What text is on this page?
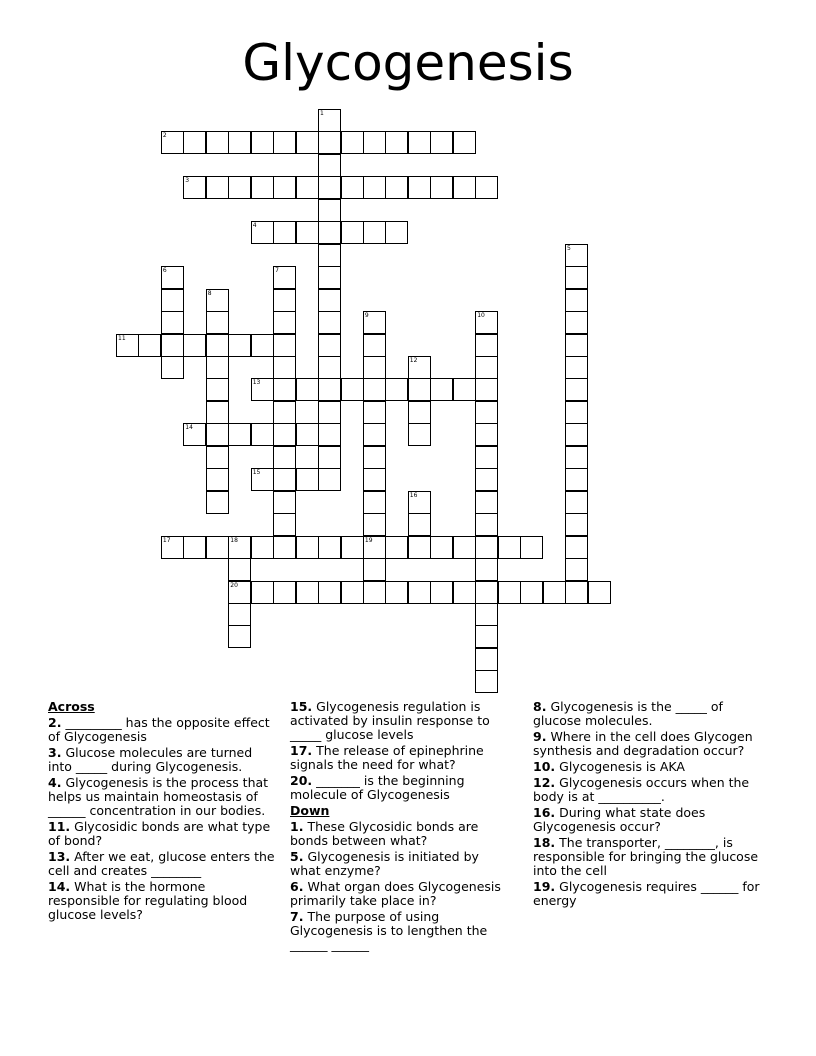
Glycogenesis
1
2
3
4
5
6	7
8
9	10
11
12
13
14
15
16
17	18	19
20
Across
2. _________ has the opposite effect of Glycogenesis
3. Glucose molecules are turned into _____ during Glycogenesis.
4. Glycogenesis is the process that helps us maintain homeostasis of ______ concentration in our bodies.
11. Glycosidic bonds are what type of bond?
13. After we eat, glucose enters the cell and creates ________
14. What is the hormone responsible for regulating blood glucose levels?
15. Glycogenesis regulation is activated by insulin response to _____ glucose levels
17. The release of epinephrine signals the need for what?
20. _______ is the beginning molecule of Glycogenesis
Down
1. These Glycosidic bonds are bonds between what?
5. Glycogenesis is initiated by what enzyme?
6. What organ does Glycogenesis primarily take place in?
7. The purpose of using Glycogenesis is to lengthen the ______ ______
8. Glycogenesis is the _____ of glucose molecules.
9. Where in the cell does Glycogen synthesis and degradation occur?
10. Glycogenesis is AKA
12. Glycogenesis occurs when the body is at __________.
16. During what state does Glycogenesis occur?
18. The transporter, ________, is responsible for bringing the glucose into the cell
19. Glycogenesis requires ______ for energy
